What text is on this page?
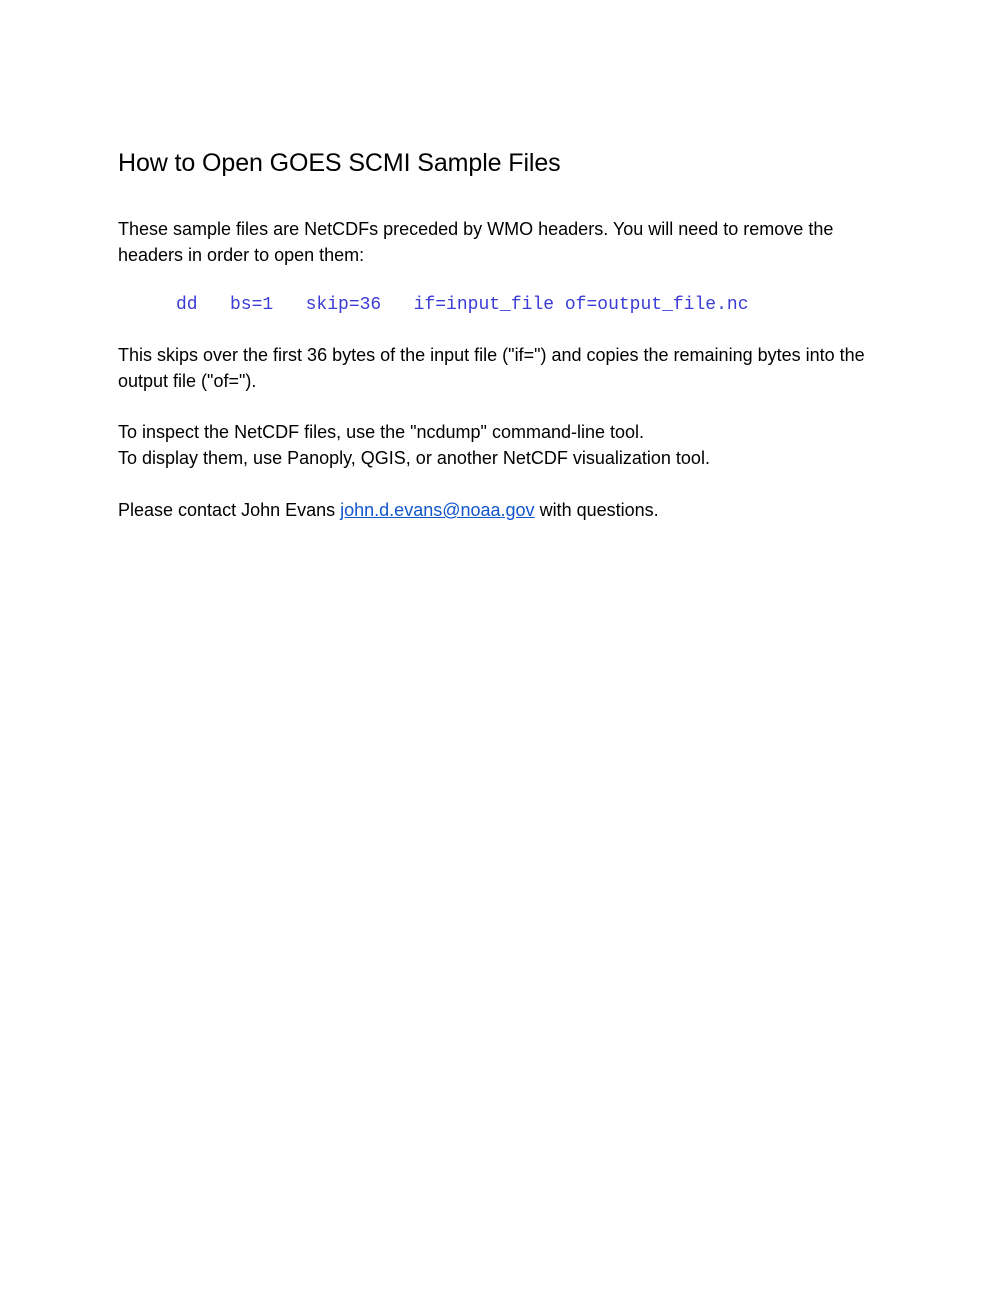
How to Open GOES SCMI Sample Files

These sample files are NetCDFs preceded by WMO headers. You will need to remove the headers in order to open them:

dd   bs=1   skip=36   if=input_file of=output_file.nc

This skips over the first 36 bytes of the input file ("if=") and copies the remaining bytes into the output file ("of=").

To inspect the NetCDF files, use the "ncdump" command-line tool.

To display them, use Panoply, QGIS, or another NetCDF visualization tool.

Please contact John Evans john.d.evans@noaa.gov with questions.
